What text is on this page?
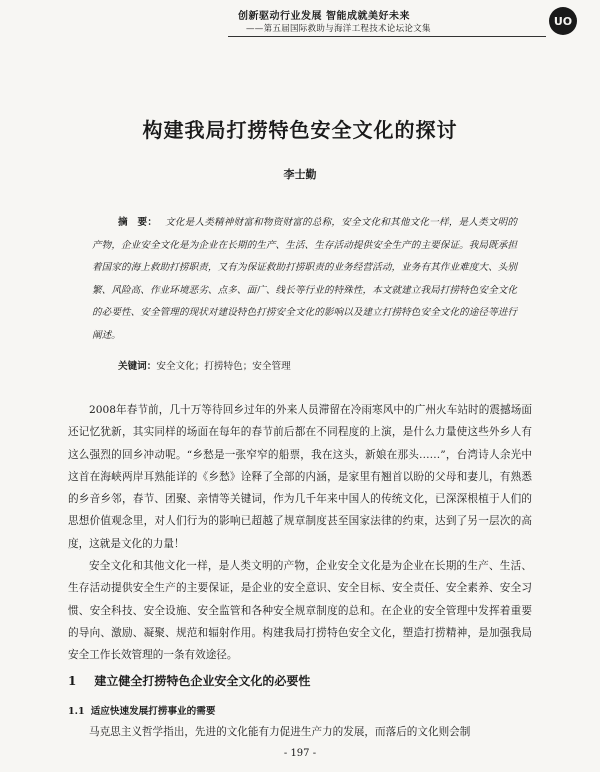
创新驱动行业发展 智能成就美好未来
——第五届国际救助与海洋工程技术论坛论文集
UO
构建我局打捞特色安全文化的探讨
李士勤
摘　要： 文化是人类精神财富和物资财富的总称，安全文化和其他文化一样，是人类文明的产物，企业安全文化是为企业在长期的生产、生活、生存活动提供安全生产的主要保证。我局既承担着国家的海上救助打捞职责，又有为保证救助打捞职责的业务经营活动，业务有其作业难度大、头别繁、风险高、作业环境恶劣、点多、面广、线长等行业的特殊性，本文就建立我局打捞特色安全文化的必要性、安全管理的现状对建设特色打捞安全文化的影响以及建立打捞特色安全文化的途径等进行阐述。
关键词：安全文化；打捞特色；安全管理

2008年春节前，几十万等待回乡过年的外来人员滞留在冷雨寒风中的广州火车站时的震撼场面还记忆犹新，其实同样的场面在每年的春节前后都在不同程度的上演，是什么力量使这些外乡人有这么强烈的回乡冲动呢。“乡愁是一张窄窄的船票，我在这头，新娘在那头……”，台湾诗人余光中这首在海峡两岸耳熟能详的《乡愁》诠释了全部的内涵，是家里有翘首以盼的父母和妻儿，有熟悉的乡音乡邻，春节、团聚、亲情等关键词，作为几千年来中国人的传统文化，已深深根植于人们的思想价值观念里，对人们行为的影响已超越了规章制度甚至国家法律的约束，达到了另一层次的高度，这就是文化的力量！

安全文化和其他文化一样，是人类文明的产物，企业安全文化是为企业在长期的生产、生活、生存活动提供安全生产的主要保证，是企业的安全意识、安全目标、安全责任、安全素养、安全习惯、安全科技、安全设施、安全监管和各种安全规章制度的总和。在企业的安全管理中发挥着重要的导向、激励、凝聚、规范和辐射作用。构建我局打捞特色安全文化，塑造打捞精神，是加强我局安全工作长效管理的一条有效途径。

1 建立健全打捞特色企业安全文化的必要性
1.1 适应快速发展打捞事业的需要

马克思主义哲学指出，先进的文化能有力促进生产力的发展，而落后的文化则会制

- 197 -
